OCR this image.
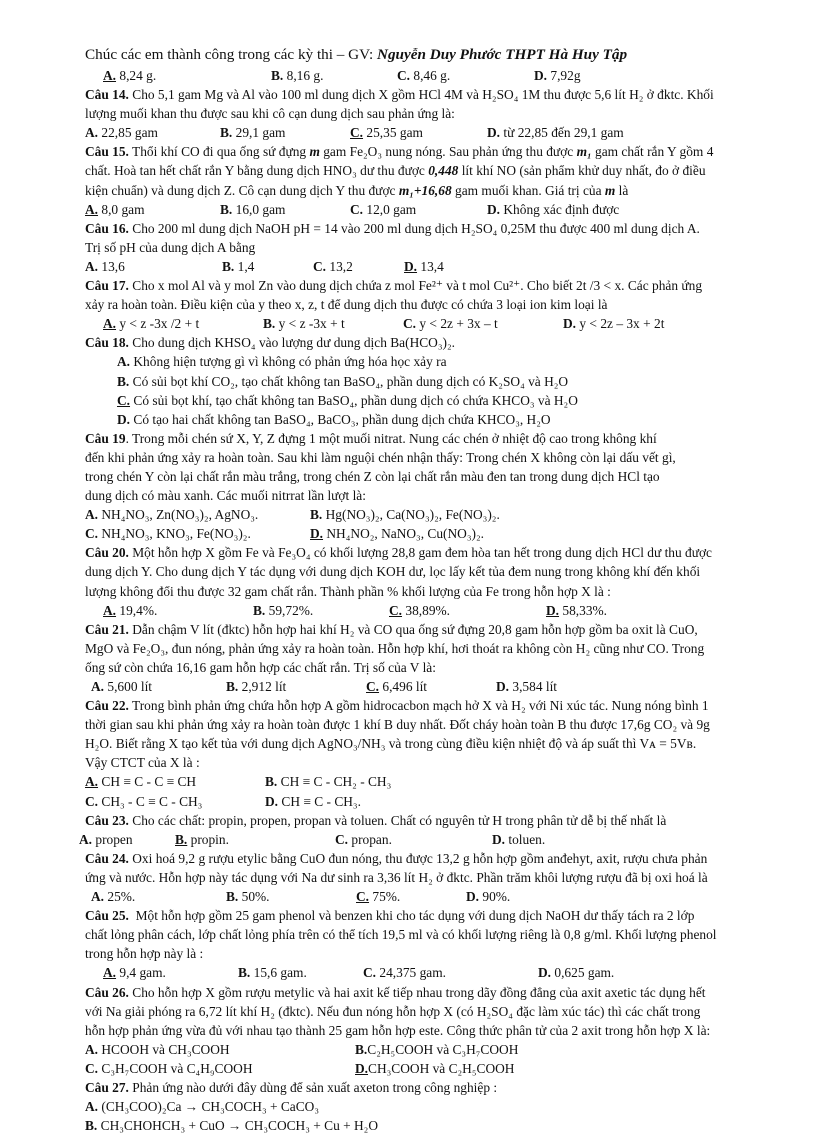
Chúc các em thành công trong các kỳ thi – GV: Nguyễn Duy Phước THPT Hà Huy Tập
A. 8,24 g.	B. 8,16 g.	C. 8,46 g.	D. 7,92g
Câu 14. Cho 5,1 gam Mg và Al vào 100 ml dung dịch X gồm HCl 4M và H₂SO₄ 1M thu được 5,6 lít H₂ ở đktc. Khối
lượng muối khan thu được sau khi cô cạn dung dịch sau phản ứng là:
A. 22,85 gam	B. 29,1 gam	C. 25,35 gam	D. từ 22,85 đến 29,1 gam
Câu 15. Thổi khí CO đi qua ống sứ đựng m gam Fe₂O₃ nung nóng. Sau phản ứng thu được m₁ gam chất rắn Y gồm 4
chất. Hoà tan hết chất rắn Y bằng dung dịch HNO₃ dư thu được 0,448 lít khí NO (sản phẩm khử duy nhất, đo ở điều
kiện chuẩn) và dung dịch Z. Cô cạn dung dịch Y thu được m₁+16,68 gam muối khan. Giá trị của m là
A. 8,0 gam	B. 16,0 gam	C. 12,0 gam	D. Không xác định được
Câu 16. Cho 200 ml dung dịch NaOH pH = 14 vào 200 ml dung dịch H₂SO₄ 0,25M thu được 400 ml dung dịch A.
Trị số pH của dung dịch A bằng
A. 13,6	B. 1,4	C. 13,2	D. 13,4
Câu 17. Cho x mol Al và y mol Zn vào dung dịch chứa z mol Fe²⁺ và t mol Cu²⁺. Cho biết 2t /3 < x. Các phản ứng
xảy ra hoàn toàn. Điều kiện của y theo x, z, t để dung dịch thu được có chứa 3 loại ion kim loại là
A. y < z -3x /2 + t	B. y < z -3x + t	C. y < 2z + 3x – t	D. y < 2z – 3x + 2t
Câu 18. Cho dung dịch KHSO₄ vào lượng dư dung dịch Ba(HCO₃)₂.
A. Không hiện tượng gì vì không có phản ứng hóa học xảy ra
B. Có sủi bọt khí CO₂, tạo chất không tan BaSO₄, phần dung dịch có K₂SO₄ và H₂O
C. Có sủi bọt khí, tạo chất không tan BaSO₄, phần dung dịch có chứa KHCO₃ và H₂O
D. Có tạo hai chất không tan BaSO₄, BaCO₃, phần dung dịch chứa KHCO₃, H₂O
Câu 19. Trong mỗi chén sứ X, Y, Z đựng 1 một muối nitrat. Nung các chén ở nhiệt độ cao trong không khí
đến khi phản ứng xảy ra hoàn toàn. Sau khi làm nguội chén nhận thấy: Trong chén X không còn lại dấu vết gì,
trong chén Y còn lại chất rắn màu trắng, trong chén Z còn lại chất rắn màu đen tan trong dung dịch HCl tạo
dung dịch có màu xanh. Các muối nitrrat lần lượt là:
A. NH₄NO₃, Zn(NO₃)₂, AgNO₃.	B. Hg(NO₃)₂, Ca(NO₃)₂, Fe(NO₃)₂.
C. NH₄NO₃, KNO₃, Fe(NO₃)₂.	D. NH₄NO₂, NaNO₃, Cu(NO₃)₂.
Câu 20. Một hỗn hợp X gồm Fe và Fe₃O₄ có khối lượng 28,8 gam đem hòa tan hết trong dung dịch HCl dư thu được
dung dịch Y. Cho dung dịch Y tác dụng với dung dịch KOH dư, lọc lấy kết tủa đem nung trong không khí đến khối
lượng không đổi thu được 32 gam chất rắn. Thành phần % khối lượng của Fe trong hỗn hợp X là :
A. 19,4%.	B. 59,72%.	C. 38,89%.	D. 58,33%.
Câu 21. Dẫn chậm V lít (đktc) hỗn hợp hai khí H₂ và CO qua ống sứ đựng 20,8 gam hỗn hợp gồm ba oxit là CuO,
MgO và Fe₂O₃, đun nóng, phản ứng xảy ra hoàn toàn. Hỗn hợp khí, hơi thoát ra không còn H₂ cũng như CO. Trong
ống sứ còn chứa 16,16 gam hỗn hợp các chất rắn. Trị số của V là:
A. 5,600 lít	B. 2,912 lít	C. 6,496 lít	D. 3,584 lít
Câu 22. Trong bình phản ứng chứa hỗn hợp A gồm hidrocacbon mạch hở X và H₂ với Ni xúc tác. Nung nóng bình 1
thời gian sau khi phản ứng xảy ra hoàn toàn được 1 khí B duy nhất. Đốt cháy hoàn toàn B thu được 17,6g CO₂ và 9g
H₂O. Biết rằng X tạo kết tủa với dung dịch AgNO₃/NH₃ và trong cùng điều kiện nhiệt độ và áp suất thì Vᴀ = 5Vʙ.
Vậy CTCT của X là :
A. CH ≡ C - C ≡ CH	B. CH ≡ C - CH₂ - CH₃
C. CH₃ - C ≡ C - CH₃	D. CH ≡ C - CH₃.
Câu 23. Cho các chất: propin, propen, propan và toluen. Chất có nguyên tử H trong phân tử dễ bị thế nhất là
A. propen	B. propin.	C. propan.	D. toluen.
Câu 24. Oxi hoá 9,2 g rượu etylic bằng CuO đun nóng, thu được 13,2 g hỗn hợp gồm anđehyt, axit, rượu chưa phản
ứng và nước. Hỗn hợp này tác dụng với Na dư sinh ra 3,36 lít H₂ ở đktc. Phần trăm khôi lượng rượu đã bị oxi hoá là
A. 25%.	B. 50%.	C. 75%.	D. 90%.
Câu 25.  Một hỗn hợp gồm 25 gam phenol và benzen khi cho tác dụng với dung dịch NaOH dư thấy tách ra 2 lớp
chất lỏng phân cách, lớp chất lỏng phía trên có thể tích 19,5 ml và có khối lượng riêng là 0,8 g/ml. Khối lượng phenol
trong hỗn hợp này là :
A. 9,4 gam.	B. 15,6 gam.	C. 24,375 gam.	D. 0,625 gam.
Câu 26. Cho hỗn hợp X gồm rượu metylic và hai axit kế tiếp nhau trong dãy đồng đẳng của axit axetic tác dụng hết
với Na giải phóng ra 6,72 lít khí H₂ (đktc). Nếu đun nóng hỗn hợp X (có H₂SO₄ đặc làm xúc tác) thì các chất trong
hỗn hợp phản ứng vừa đủ với nhau tạo thành 25 gam hỗn hợp este. Công thức phân tử của 2 axit trong hỗn hợp X là:
A. HCOOH và CH₃COOH	B.C₂H₅COOH và C₃H₇COOH
C. C₃H₇COOH và C₄H₉COOH	D.CH₃COOH và C₂H₅COOH
Câu 27. Phản ứng nào dưới đây dùng để sản xuất axeton trong công nghiệp :
A. (CH₃COO)₂Ca → CH₃COCH₃ + CaCO₃
B. CH₃CHOHCH₃ + CuO → CH₃COCH₃ + Cu + H₂O
